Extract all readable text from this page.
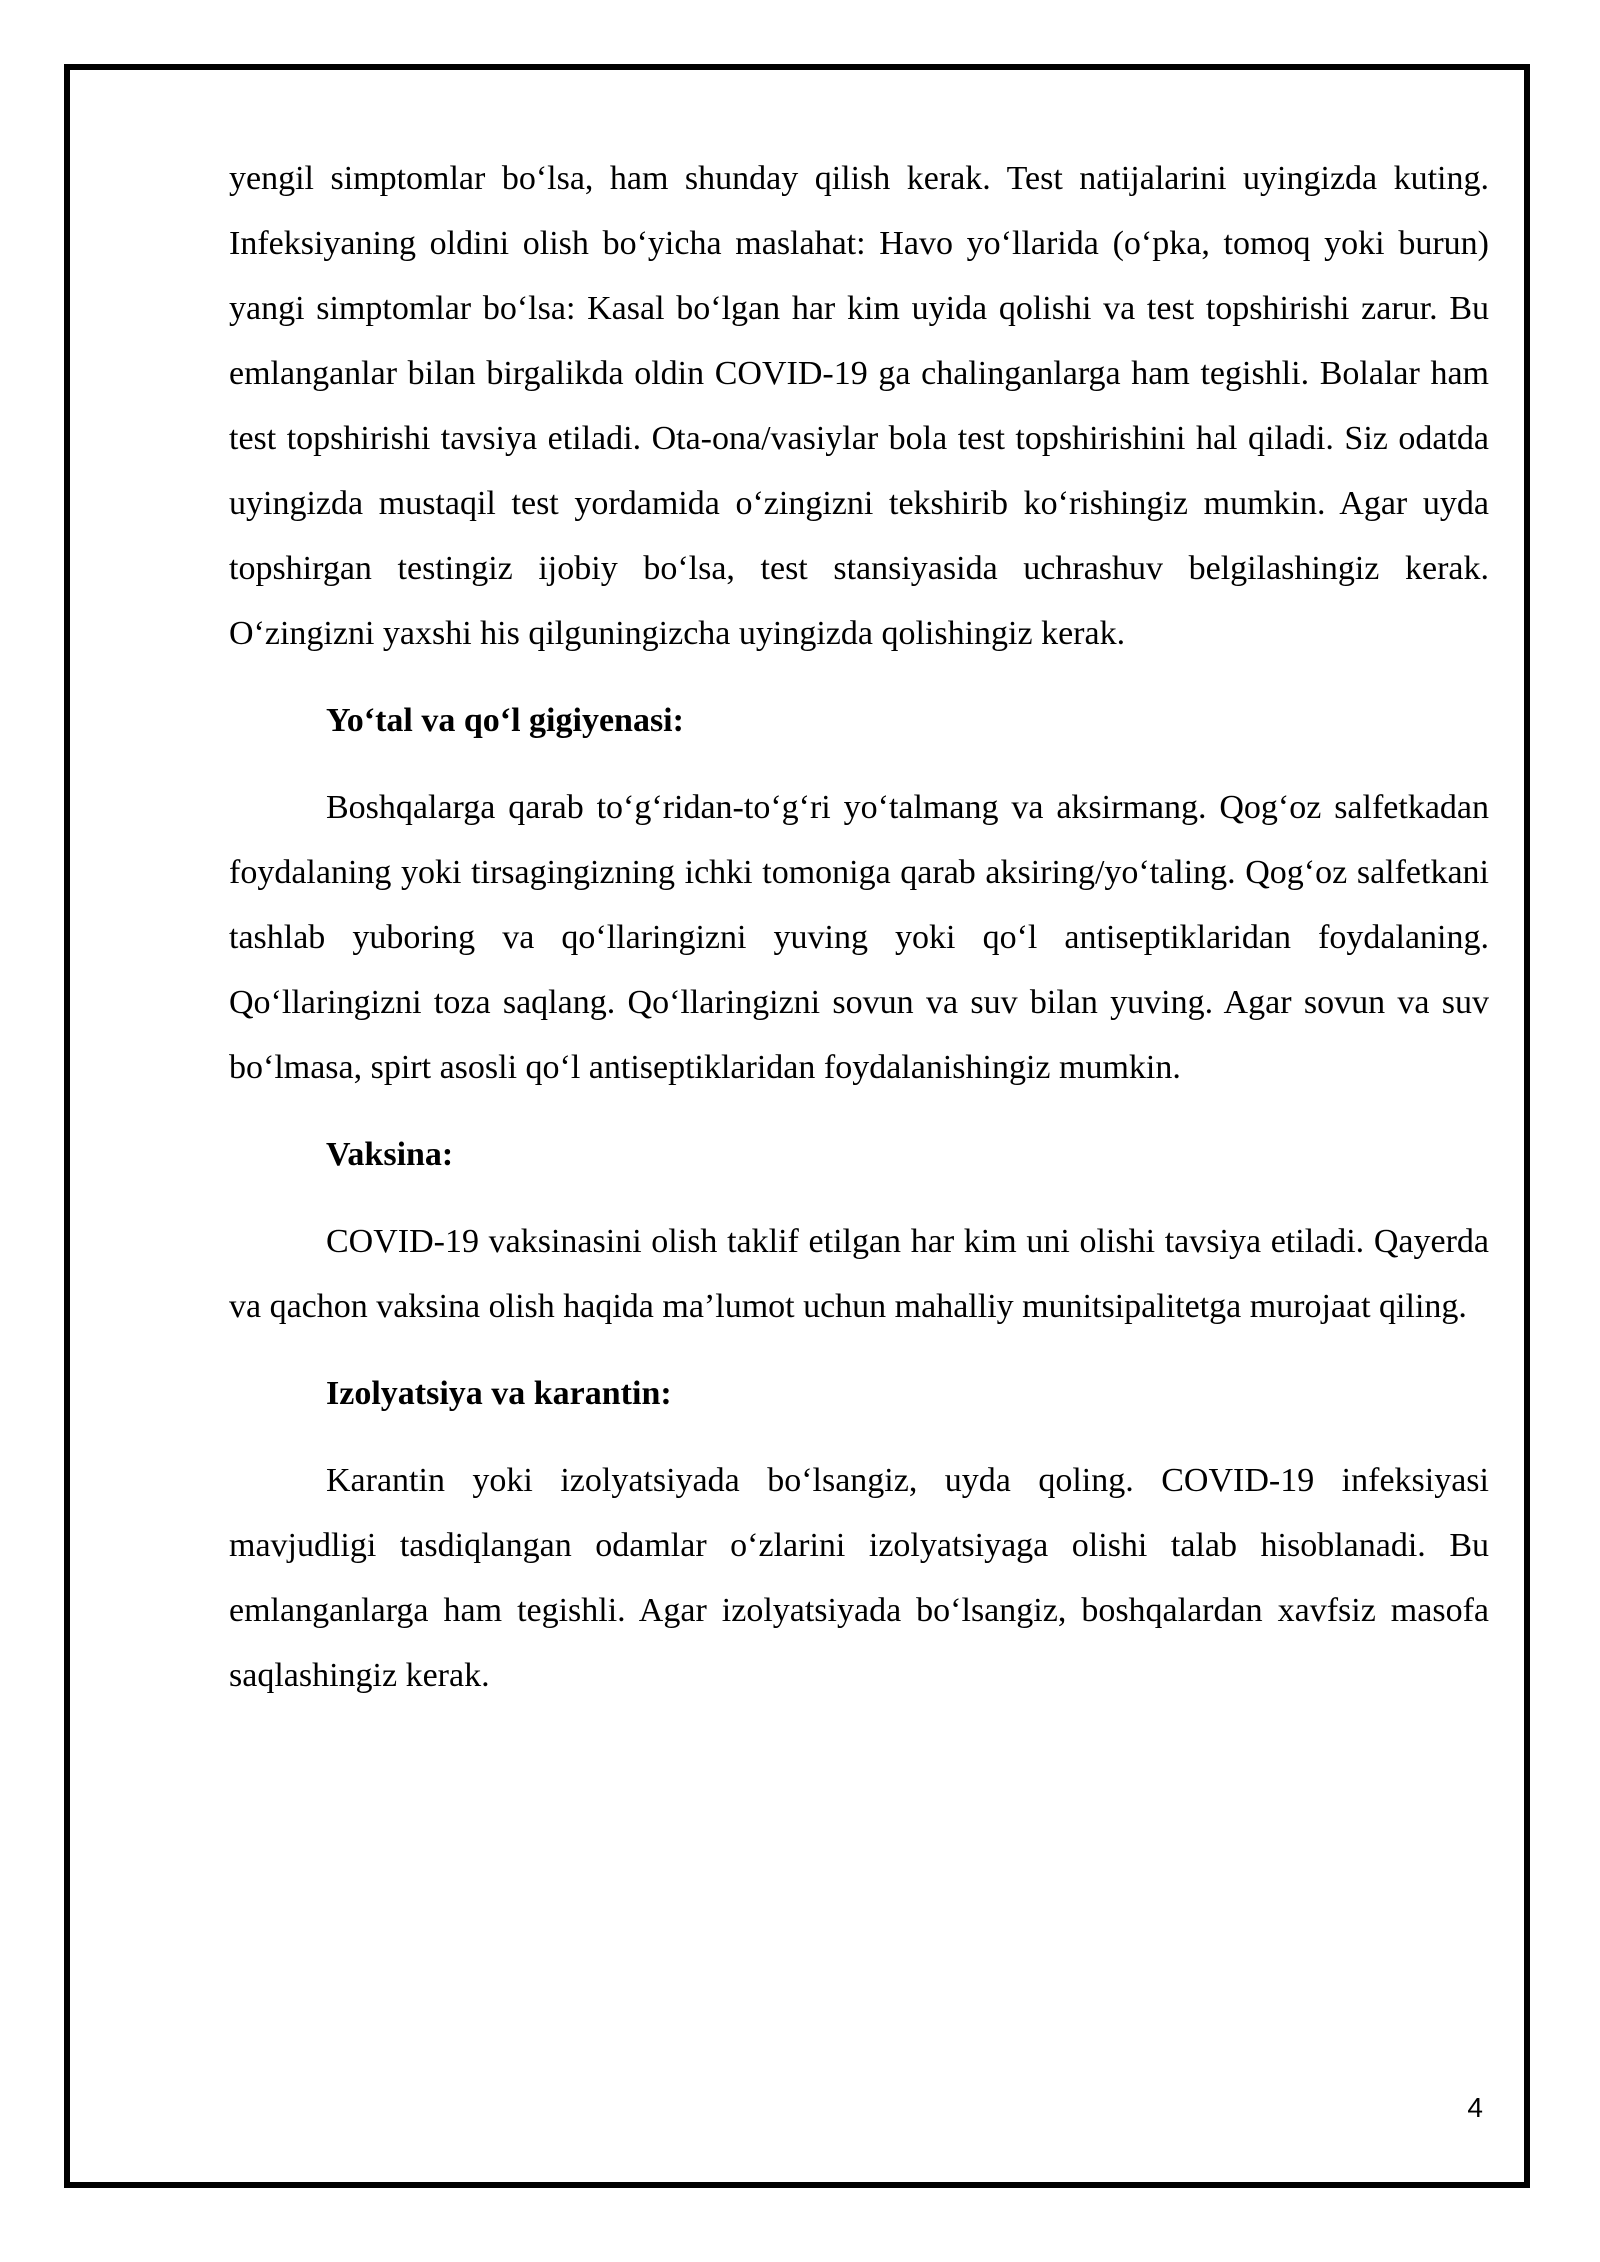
yengil simptomlar bo‘lsa, ham shunday qilish kerak. Test natijalarini uyingizda kuting. Infeksiyaning oldini olish bo‘yicha maslahat: Havo yo‘llarida (o‘pka, tomoq yoki burun) yangi simptomlar bo‘lsa: Kasal bo‘lgan har kim uyida qolishi va test topshirishi zarur. Bu emlanganlar bilan birgalikda oldin COVID-19 ga chalinganlarga ham tegishli. Bolalar ham test topshirishi tavsiya etiladi. Ota-ona/vasiylar bola test topshirishini hal qiladi. Siz odatda uyingizda mustaqil test yordamida o‘zingizni tekshirib ko‘rishingiz mumkin. Agar uyda topshirgan testingiz ijobiy bo‘lsa, test stansiyasida uchrashuv belgilashingiz kerak. O‘zingizni yaxshi his qilguningizcha uyingizda qolishingiz kerak.

Yo‘tal va qo‘l gigiyenasi:

Boshqalarga qarab to‘g‘ridan-to‘g‘ri yo‘talmang va aksirmang. Qog‘oz salfetkadan foydalaning yoki tirsagingizning ichki tomoniga qarab aksiring/yo‘taling. Qog‘oz salfetkani tashlab yuboring va qo‘llaringizni yuving yoki qo‘l antiseptiklaridan foydalaning. Qo‘llaringizni toza saqlang. Qo‘llaringizni sovun va suv bilan yuving. Agar sovun va suv bo‘lmasa, spirt asosli qo‘l antiseptiklaridan foydalanishingiz mumkin.

Vaksina:

COVID-19 vaksinasini olish taklif etilgan har kim uni olishi tavsiya etiladi. Qayerda va qachon vaksina olish haqida ma’lumot uchun mahalliy munitsipalitetga murojaat qiling.

Izolyatsiya va karantin:

Karantin yoki izolyatsiyada bo‘lsangiz, uyda qoling. COVID-19 infeksiyasi mavjudligi tasdiqlangan odamlar o‘zlarini izolyatsiyaga olishi talab hisoblanadi. Bu emlanganlarga ham tegishli. Agar izolyatsiyada bo‘lsangiz, boshqalardan xavfsiz masofa saqlashingiz kerak.

4
